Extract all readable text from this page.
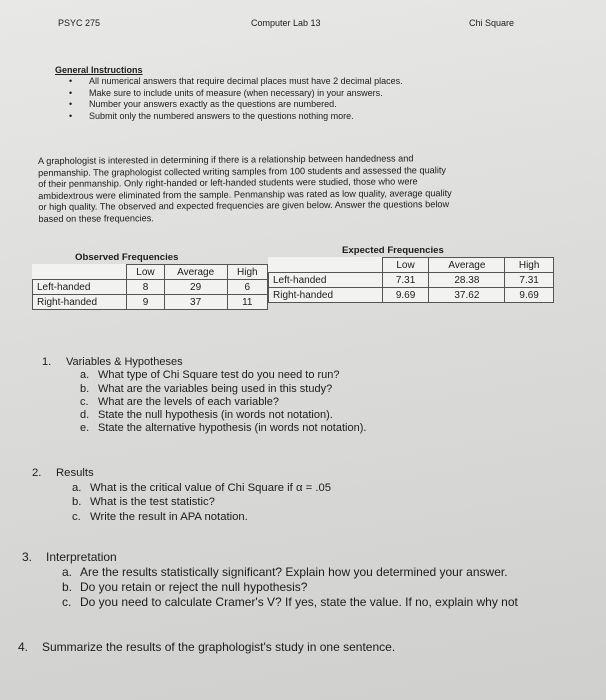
PSYC 275	Computer Lab 13	Chi Square
General Instructions
• All numerical answers that require decimal places must have 2 decimal places.
• Make sure to include units of measure (when necessary) in your answers.
• Number your answers exactly as the questions are numbered.
• Submit only the numbered answers to the questions nothing more.
A graphologist is interested in determining if there is a relationship between handedness and
penmanship. The graphologist collected writing samples from 100 students and assessed the quality
of their penmanship. Only right-handed or left-handed students were studied, those who were
ambidextrous were eliminated from the sample. Penmanship was rated as low quality, average quality
or high quality. The observed and expected frequencies are given below. Answer the questions below
based on these frequencies.
Observed Frequencies
	Low	Average	High
Left-handed	8	29	6
Right-handed	9	37	11
Expected Frequencies
	Low	Average	High
Left-handed	7.31	28.38	7.31
Right-handed	9.69	37.62	9.69
1. Variables & Hypotheses
a. What type of Chi Square test do you need to run?
b. What are the variables being used in this study?
c. What are the levels of each variable?
d. State the null hypothesis (in words not notation).
e. State the alternative hypothesis (in words not notation).
2. Results
a. What is the critical value of Chi Square if α = .05
b. What is the test statistic?
c. Write the result in APA notation.
3. Interpretation
a. Are the results statistically significant? Explain how you determined your answer.
b. Do you retain or reject the null hypothesis?
c. Do you need to calculate Cramer's V? If yes, state the value. If no, explain why not
4. Summarize the results of the graphologist's study in one sentence.
